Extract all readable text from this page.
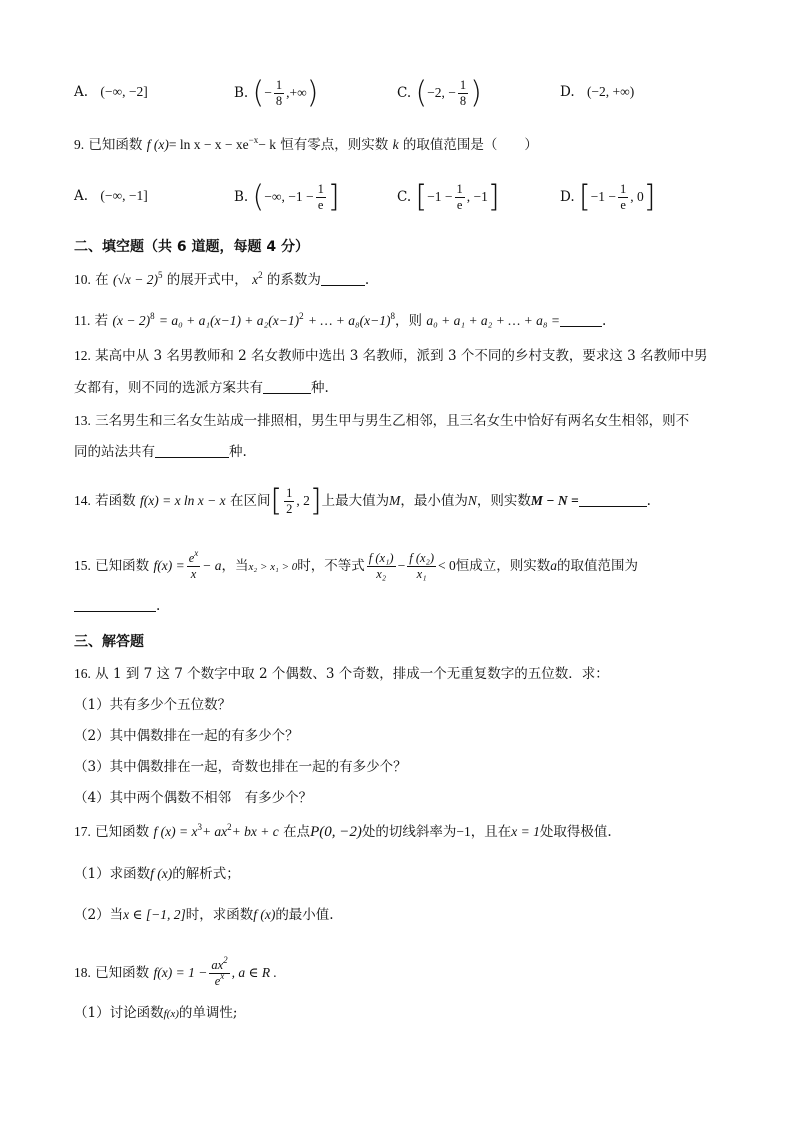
A. (−∞, −2]	B. (− $\frac{1}{8}$ ,+∞)	C. (−2, − $\frac{1}{8}$ )	D. (−2, +∞)
9. 已知函数 f $(x)= \ln x - x - xe^{-x}- k$ 恒有零点，则实数 k 的取值范围是（　　）
A. (−∞, −1]	B. (−∞, $-1 - \frac{1}{e}$ ]	C. [$-1 - \frac{1}{e}$ , −1]	D. [$-1 - \frac{1}{e}$ , 0]
二、填空题（共 6 道题，每题 4 分）
10. 在 $(√x - 2)^5$ 的展开式中， $x^2$ 的系数为	.
11. 若 $(x - 2)^8 = a_0 + a_1(x-1) + a_2(x-1)^2$ + … + $a_8(x-1)^8$，则 a₀ + a₁ + a₂ + … + a₈ =	.
12. 某高中从 3 名男教师和 2 名女教师中选出 3 名教师，派到 3 个不同的乡村支教，要求这 3 名教师中男
女都有，则不同的选派方案共有	种.
13. 三名男生和三名女生站成一排照相，男生甲与男生乙相邻，且三名女生中恰好有两名女生相邻，则不
同的站法共有	种.
14. 若函数 f(x) = x ln x − x 在区间[ $\frac{1}{2}$ , 2]上最大值为M，最小值为N，则实数M − N =	.
15. 已知函数 $f(x) = \frac{e^x}{x} - a$，当x₂ > x₁ > 0时，不等式 $\frac{\text{f (x₁)}}{\text{x₂}} - \frac{\text{f (x₂)}}{\text{x₁}} < 0$恒成立，则实数a的取值范围为
.
三、解答题
16. 从 1 到 7 这 7 个数字中取 2 个偶数、3 个奇数，排成一个无重复数字的五位数．求：
（1）共有多少个五位数？
（2）其中偶数排在一起的有多少个？
（3）其中偶数排在一起，奇数也排在一起的有多少个？
（4）其中两个偶数不相邻　有多少个？
17. 已知函数 f $(x) = x^3+ ax^2+$ bx + c 在点P(0, −2)处的切线斜率为−1，且在x = 1处取得极值.
（1）求函数f (x)的解析式；
（2）当x ∈ [−1, 2]时，求函数f (x)的最小值.
18. 已知函数 $f(x) = 1 - \frac{ax^2}{e^x}$ , a ∈ R .
（1）讨论函数f(x)的单调性;
